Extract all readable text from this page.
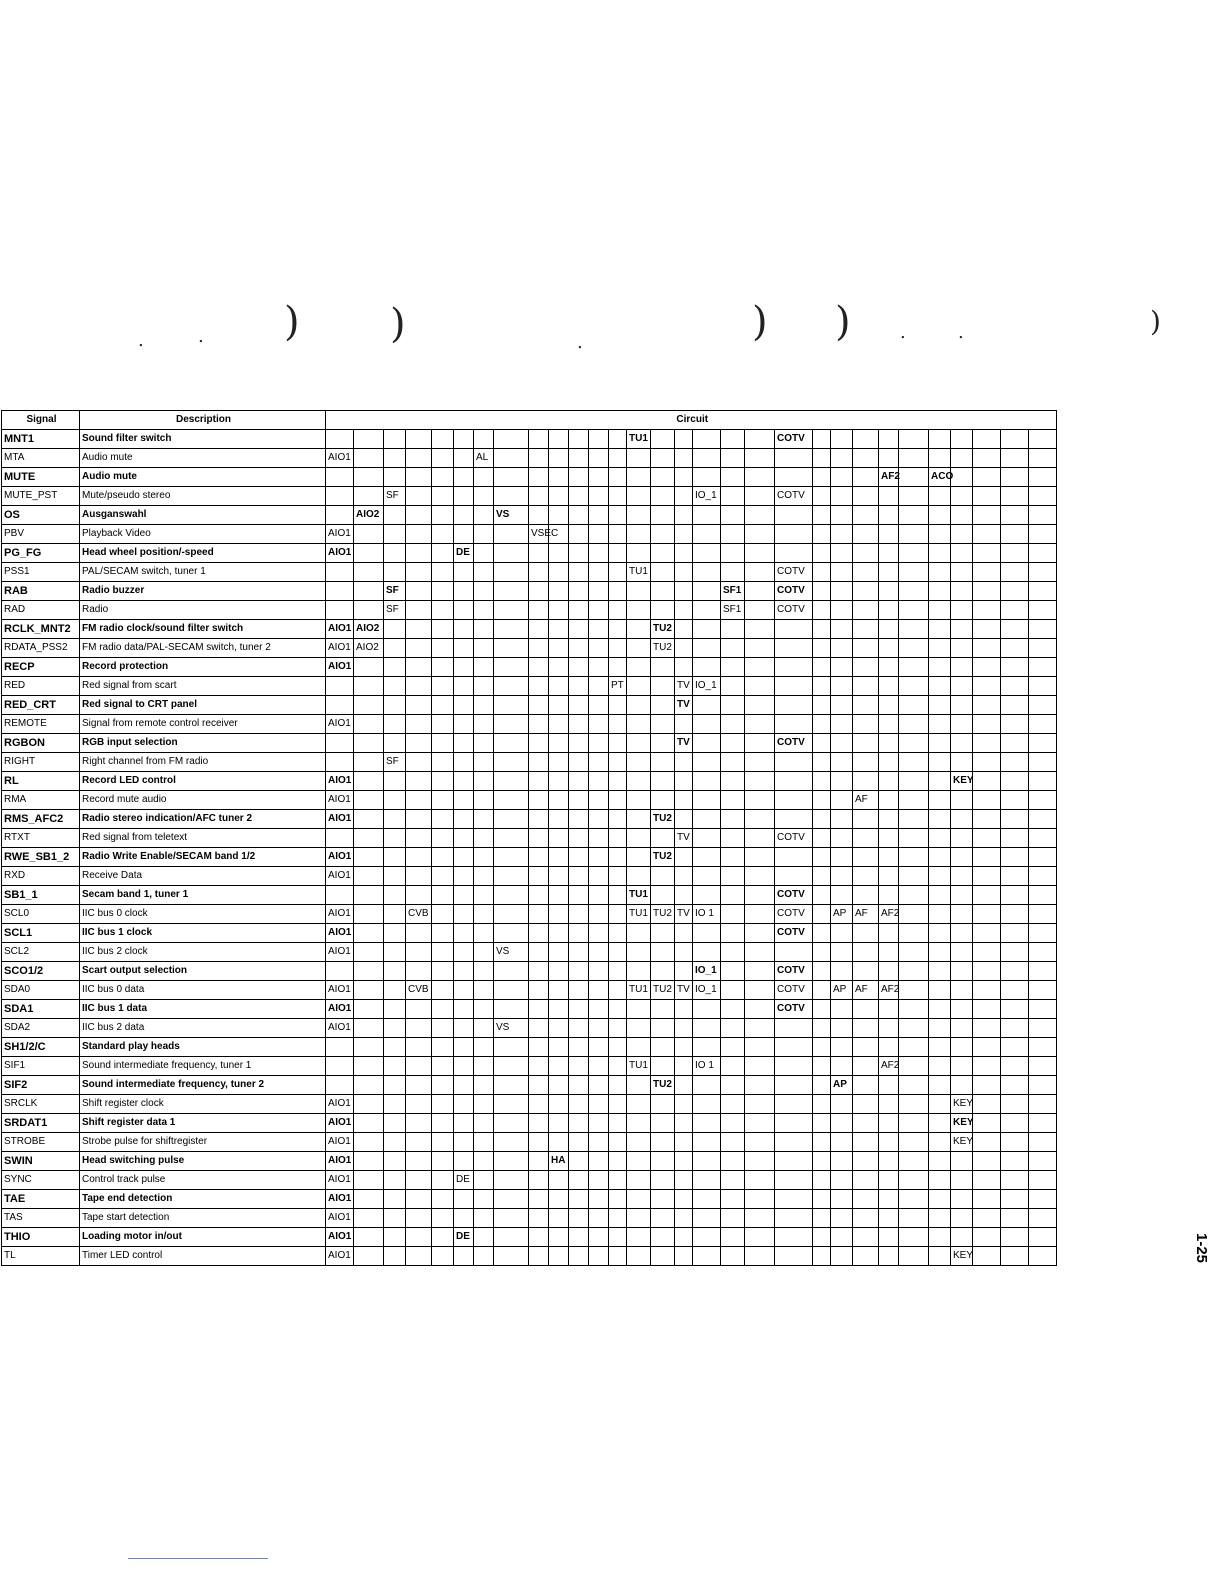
.	. ) )	.	) )	.	.	)
Signal	Description	Circuit																													
MNT1	Sound filter switch														TU1						COTV										
MTA	Audio mute	AIO1						AL																							
MUTE	Audio mute																								AF2		ACO				
MUTE_PST	Mute/pseudo stereo			SF														IO_1			COTV										
OS	Ausganswahl		AIO2						VS																						
PBV	Playback Video	AIO1								VSEC																					
PG_FG	Head wheel position/-speed	AIO1					DE																								
PSS1	PAL/SECAM switch, tuner 1														TU1						COTV										
RAB	Radio buzzer			SF															SF1		COTV										
RAD	Radio			SF															SF1		COTV										
RCLK_MNT2	FM radio clock/sound filter switch	AIO1	AIO2													TU2															
RDATA_PSS2	FM radio data/PAL-SECAM switch, tuner 2	AIO1	AIO2													TU2															
RECP	Record protection	AIO1																													
RED	Red signal from scart													PT			TV	IO_1													
RED_CRT	Red signal to CRT panel																TV														
REMOTE	Signal from remote control receiver	AIO1																													
RGBON	RGB input selection																TV				COTV										
RIGHT	Right channel from FM radio			SF																											
RL	Record LED control	AIO1																										KEY			
RMA	Record mute audio	AIO1																						AF							
RMS_AFC2	Radio stereo indication/AFC tuner 2	AIO1														TU2															
RTXT	Red signal from teletext																TV				COTV										
RWE_SB1_2	Radio Write Enable/SECAM band 1/2	AIO1														TU2															
RXD	Receive Data	AIO1																													
SB1_1	Secam band 1, tuner 1														TU1						COTV										
SCL0	IIC bus 0 clock	AIO1			CVB										TU1	TU2	TV	IO 1			COTV		AP	AF	AF2						
SCL1	IIC bus 1 clock	AIO1																			COTV										
SCL2	IIC bus 2 clock	AIO1							VS																						
SCO1/2	Scart output selection																	IO_1			COTV										
SDA0	IIC bus 0 data	AIO1			CVB										TU1	TU2	TV	IO_1			COTV		AP	AF	AF2						
SDA1	IIC bus 1 data	AIO1																			COTV										
SDA2	IIC bus 2 data	AIO1							VS																						
SH1/2/C	Standard play heads																														
SIF1	Sound intermediate frequency, tuner 1														TU1			IO 1							AF2						
SIF2	Sound intermediate frequency, tuner 2															TU2							AP								
SRCLK	Shift register clock	AIO1																										KEY			
SRDAT1	Shift register data 1	AIO1																										KEY			
STROBE	Strobe pulse for shiftregister	AIO1																										KEY			
SWIN	Head switching pulse	AIO1									HA																				
SYNC	Control track pulse	AIO1					DE																								
TAE	Tape end detection	AIO1																													
TAS	Tape start detection	AIO1																													
THIO	Loading motor in/out	AIO1					DE																								
TL	Timer LED control	AIO1																										KEY				1-25
